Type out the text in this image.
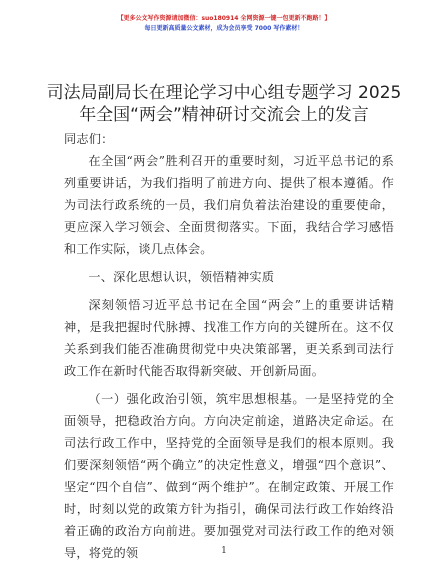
【更多公文写作资源请加微信：suo180914 全网资源一键一包更新不跑路！】
每日更新高质量公文素材，成为会员享受 7000 写作素材！
司法局副局长在理论学习中心组专题学习 2025
年全国“两会”精神研讨交流会上的发言

同志们：

在全国“两会”胜利召开的重要时刻，习近平总书记的系列重要讲话，为我们指明了前进方向、提供了根本遵循。作为司法行政系统的一员，我们肩负着法治建设的重要使命，更应深入学习领会、全面贯彻落实。下面，我结合学习感悟和工作实际，谈几点体会。

一、深化思想认识，领悟精神实质

深刻领悟习近平总书记在全国“两会”上的重要讲话精神，是我把握时代脉搏、找准工作方向的关键所在。这不仅关系到我们能否准确贯彻党中央决策部署，更关系到司法行政工作在新时代能否取得新突破、开创新局面。

（一）强化政治引领，筑牢思想根基。一是坚持党的全面领导，把稳政治方向。方向决定前途，道路决定命运。在司法行政工作中，坚持党的全面领导是我们的根本原则。我们要深刻领悟“两个确立”的决定性意义，增强“四个意识”、坚定“四个自信”、做到“两个维护”。在制定政策、开展工作时，时刻以党的政策方针为指引，确保司法行政工作始终沿着正确的政治方向前进。要加强党对司法行政工作的绝对领导，将党的领	1
